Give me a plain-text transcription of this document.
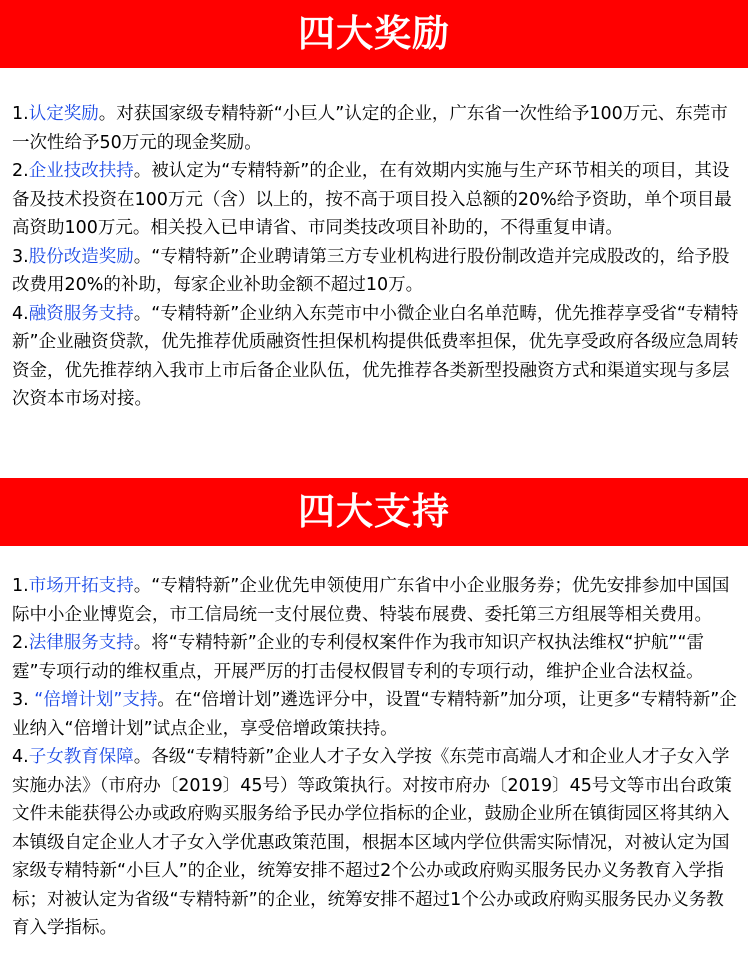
四大奖励

1.认定奖励。对获国家级专精特新“小巨人”认定的企业，广东省一次性给予100万元、东莞市一次性给予50万元的现金奖励。

2.企业技改扶持。被认定为“专精特新”的企业，在有效期内实施与生产环节相关的项目，其设备及技术投资在100万元（含）以上的，按不高于项目投入总额的20%给予资助，单个项目最高资助100万元。相关投入已申请省、市同类技改项目补助的，不得重复申请。

3.股份改造奖励。“专精特新”企业聘请第三方专业机构进行股份制改造并完成股改的，给予股改费用20%的补助，每家企业补助金额不超过10万。

4.融资服务支持。“专精特新”企业纳入东莞市中小微企业白名单范畴，优先推荐享受省“专精特新”企业融资贷款，优先推荐优质融资性担保机构提供低费率担保，优先享受政府各级应急周转资金，优先推荐纳入我市上市后备企业队伍，优先推荐各类新型投融资方式和渠道实现与多层次资本市场对接。

四大支持

1.市场开拓支持。“专精特新”企业优先申领使用广东省中小企业服务券；优先安排参加中国国际中小企业博览会，市工信局统一支付展位费、特装布展费、委托第三方组展等相关费用。

2.法律服务支持。将“专精特新”企业的专利侵权案件作为我市知识产权执法维权“护航”“雷霆”专项行动的维权重点，开展严厉的打击侵权假冒专利的专项行动，维护企业合法权益。

3. “倍增计划”支持。在“倍增计划”遴选评分中，设置“专精特新”加分项，让更多“专精特新”企业纳入“倍增计划”试点企业，享受倍增政策扶持。

4.子女教育保障。各级“专精特新”企业人才子女入学按《东莞市高端人才和企业人才子女入学实施办法》（市府办〔2019〕45号）等政策执行。对按市府办〔2019〕45号文等市出台政策文件未能获得公办或政府购买服务给予民办学位指标的企业，鼓励企业所在镇街园区将其纳入本镇级自定企业人才子女入学优惠政策范围，根据本区域内学位供需实际情况，对被认定为国家级专精特新“小巨人”的企业，统筹安排不超过2个公办或政府购买服务民办义务教育入学指标；对被认定为省级“专精特新”的企业，统筹安排不超过1个公办或政府购买服务民办义务教育入学指标。
